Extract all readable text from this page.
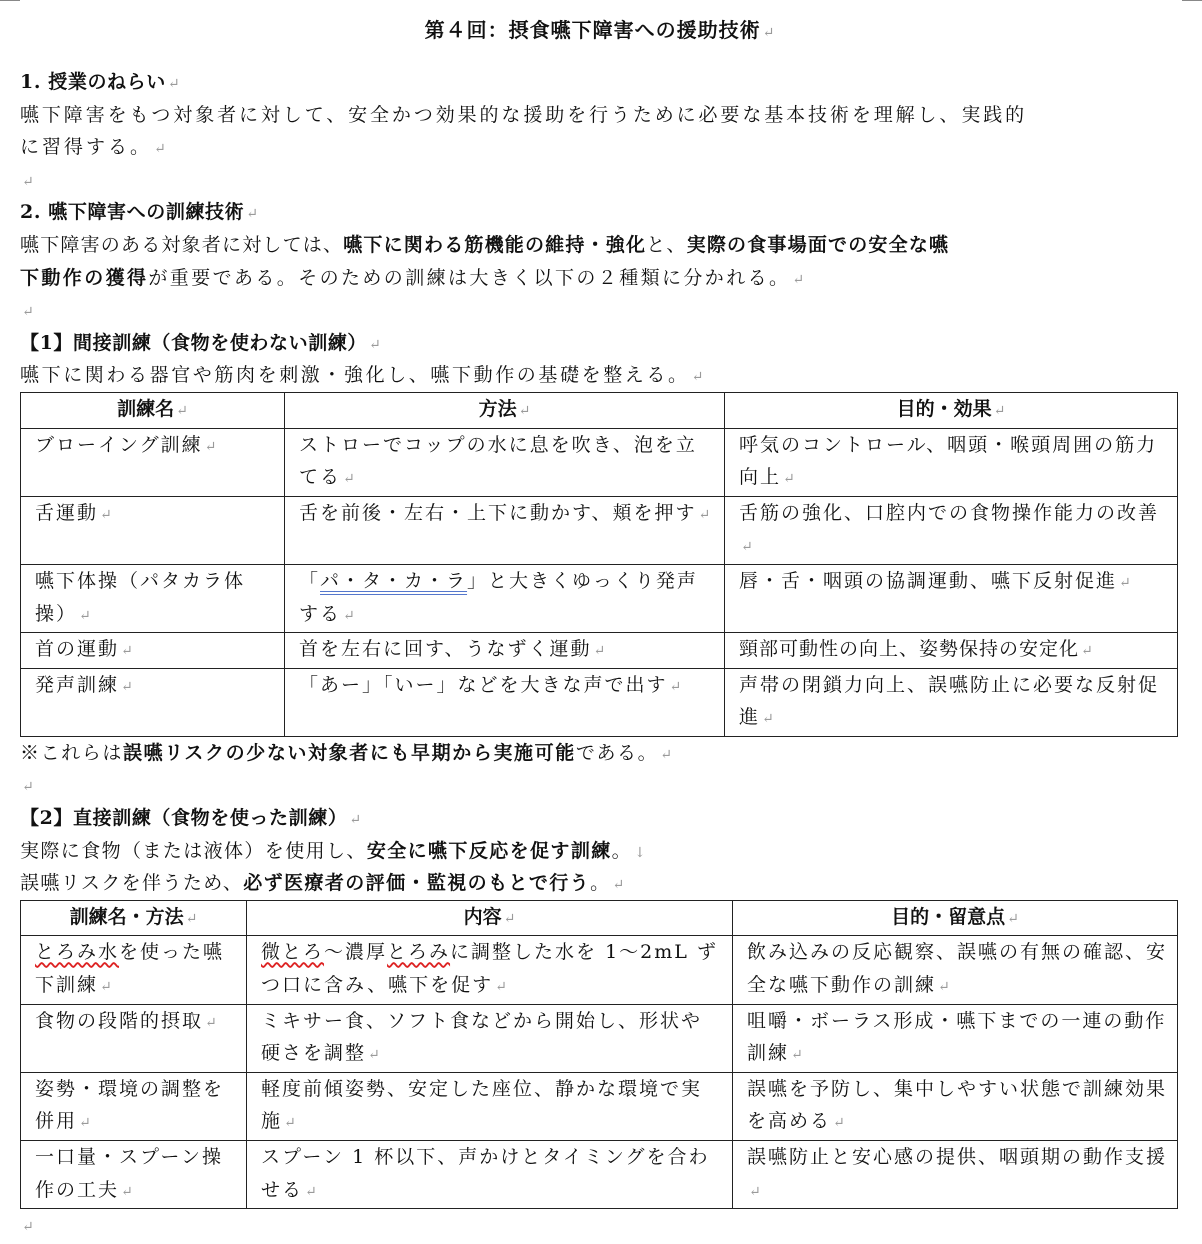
第４回：摂食嚥下障害への援助技術 ↵
1. 授業のねらい ↵
嚥下障害をもつ対象者に対して、安全かつ効果的な援助を行うために必要な基本技術を理解し、実践的
に習得する。 ↵
↵
2. 嚥下障害への訓練技術 ↵
嚥下障害のある対象者に対しては、嚥下に関わる筋機能の維持・強化と、実際の食事場面での安全な嚥
下動作の獲得が重要である。そのための訓練は大きく以下の２種類に分かれる。 ↵
↵
【1】間接訓練（食物を使わない訓練） ↵
嚥下に関わる器官や筋肉を刺激・強化し、嚥下動作の基礎を整える。 ↵
訓練名 ↵	方法 ↵	目的・効果 ↵
ブローイング訓練 ↵	ストローでコップの水に息を吹き、泡を立てる ↵	呼気のコントロール、咽頭・喉頭周囲の筋力向上 ↵
舌運動 ↵	舌を前後・左右・上下に動かす、頬を押す ↵	舌筋の強化、口腔内での食物操作能力の改善↵
嚥下体操（パタカラ体操） ↵	「パ・タ・カ・ラ」と大きくゆっくり発声する ↵	唇・舌・咽頭の協調運動、嚥下反射促進 ↵
首の運動 ↵	首を左右に回す、うなずく運動 ↵	頸部可動性の向上、姿勢保持の安定化 ↵
発声訓練 ↵	「あー」「いー」などを大きな声で出す ↵	声帯の閉鎖力向上、誤嚥防止に必要な反射促進 ↵
※これらは誤嚥リスクの少ない対象者にも早期から実施可能である。 ↵
↵
【2】直接訓練（食物を使った訓練） ↵
実際に食物（または液体）を使用し、安全に嚥下反応を促す訓練。 ↓
誤嚥リスクを伴うため、必ず医療者の評価・監視のもとで行う。 ↵
訓練名・方法 ↵	内容 ↵	目的・留意点 ↵
とろみ水を使った嚥下訓練 ↵	微とろ～濃厚とろみに調整した水を 1～2mL ずつ口に含み、嚥下を促す ↵	飲み込みの反応観察、誤嚥の有無の確認、安全な嚥下動作の訓練 ↵
食物の段階的摂取 ↵	ミキサー食、ソフト食などから開始し、形状や硬さを調整 ↵	咀嚼・ボーラス形成・嚥下までの一連の動作訓練 ↵
姿勢・環境の調整を併用 ↵	軽度前傾姿勢、安定した座位、静かな環境で実施 ↵	誤嚥を予防し、集中しやすい状態で訓練効果を高める ↵
一口量・スプーン操作の工夫 ↵	スプーン 1 杯以下、声かけとタイミングを合わせる ↵	誤嚥防止と安心感の提供、咽頭期の動作支援↵
↵
